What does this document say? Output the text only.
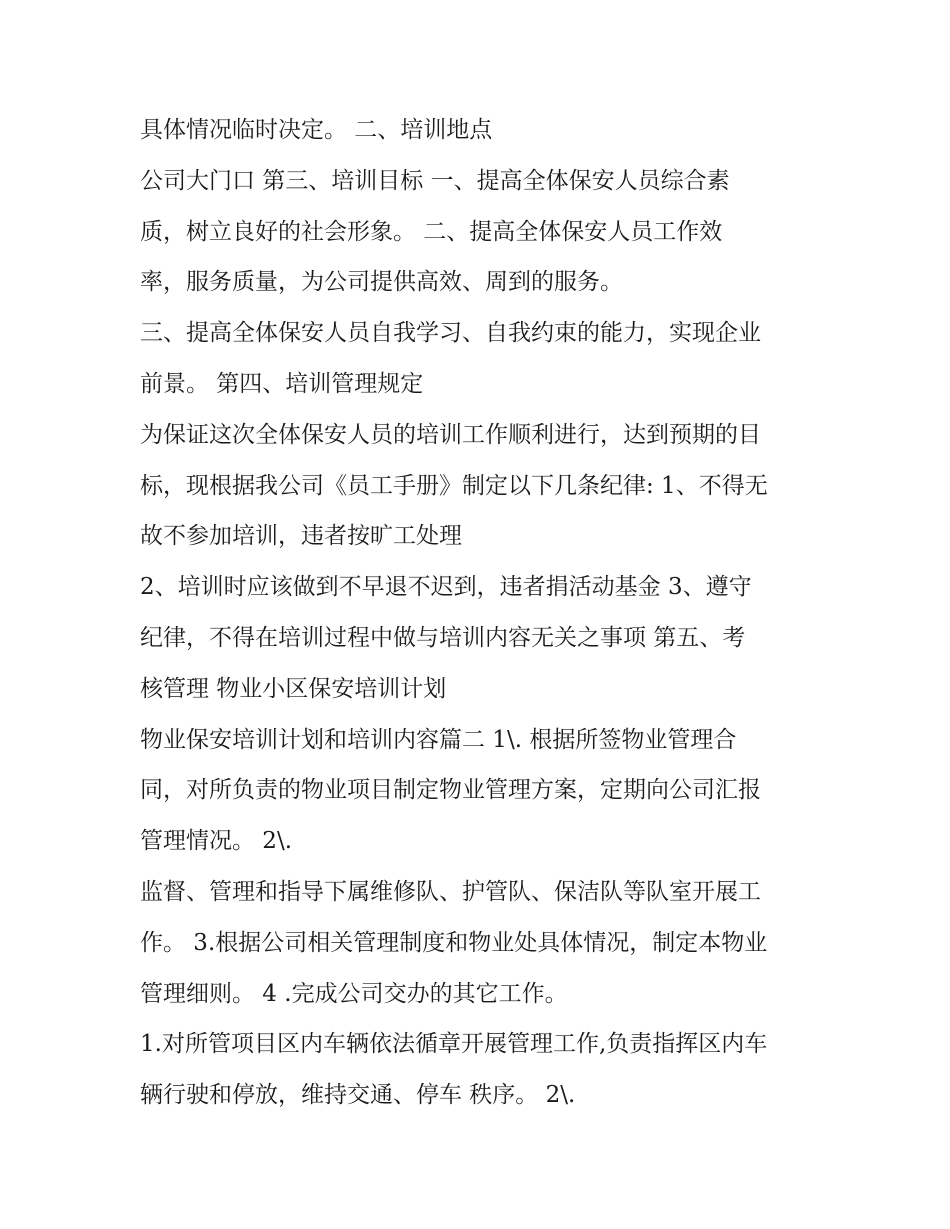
具体情况临时决定。 二、培训地点
公司大门口 第三、培训目标 一、提高全体保安人员综合素
质，树立良好的社会形象。 二、提高全体保安人员工作效
率，服务质量，为公司提供高效、周到的服务。
三、提高全体保安人员自我学习、自我约束的能力，实现企业
前景。 第四、培训管理规定
为保证这次全体保安人员的培训工作顺利进行，达到预期的目
标，现根据我公司《员工手册》制定以下几条纪律: 1、不得无
故不参加培训，违者按旷工处理
2、培训时应该做到不早退不迟到，违者捐活动基金 3、遵守
纪律，不得在培训过程中做与培训内容无关之事项 第五、考
核管理 物业小区保安培训计划
物业保安培训计划和培训内容篇二 1\. 根据所签物业管理合
同，对所负责的物业项目制定物业管理方案，定期向公司汇报
管理情况。 2\.
监督、管理和指导下属维修队、护管队、保洁队等队室开展工
作。 3.根据公司相关管理制度和物业处具体情况，制定本物业
管理细则。 4 .完成公司交办的其它工作。
1.对所管项目区内车辆依法循章开展管理工作,负责指挥区内车
辆行驶和停放，维持交通、停车 秩序。 2\.
